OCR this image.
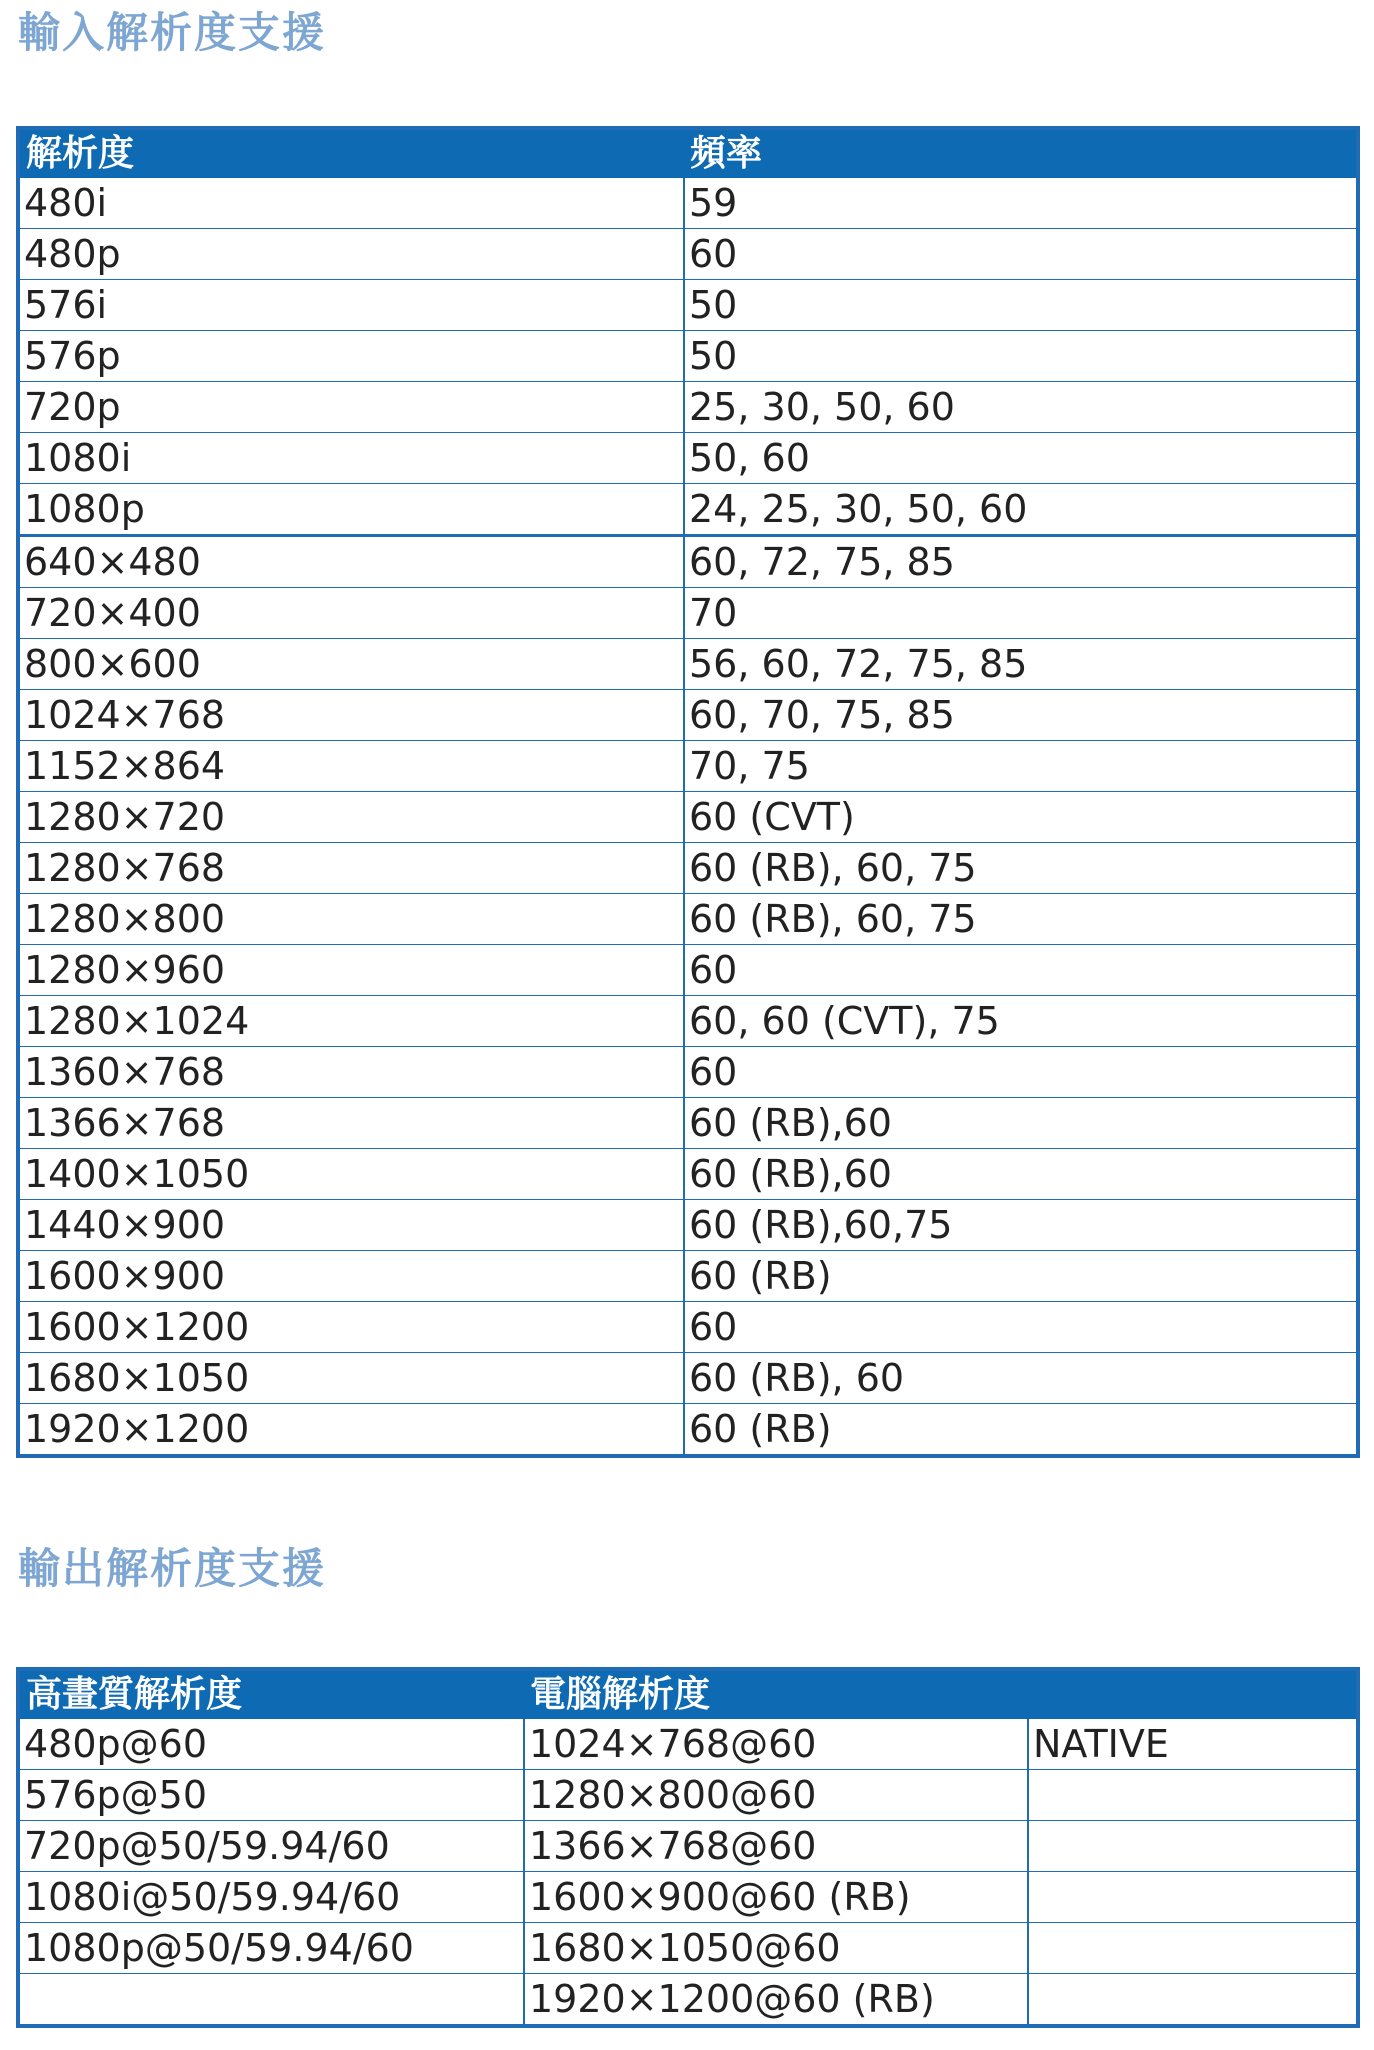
輸入解析度支援
解析度	頻率
480i	59
480p	60
576i	50
576p	50
720p	25, 30, 50, 60
1080i	50, 60
1080p	24, 25, 30, 50, 60
640×480	60, 72, 75, 85
720×400	70
800×600	56, 60, 72, 75, 85
1024×768	60, 70, 75, 85
1152×864	70, 75
1280×720	60 (CVT)
1280×768	60 (RB), 60, 75
1280×800	60 (RB), 60, 75
1280×960	60
1280×1024	60, 60 (CVT), 75
1360×768	60
1366×768	60 (RB),60
1400×1050	60 (RB),60
1440×900	60 (RB),60,75
1600×900	60 (RB)
1600×1200	60
1680×1050	60 (RB), 60
1920×1200	60 (RB)
輸出解析度支援
高畫質解析度	電腦解析度	
480p@60	1024×768@60	NATIVE
576p@50	1280×800@60	
720p@50/59.94/60	1366×768@60	
1080i@50/59.94/60	1600×900@60 (RB)	
1080p@50/59.94/60	1680×1050@60	
	1920×1200@60 (RB)	
